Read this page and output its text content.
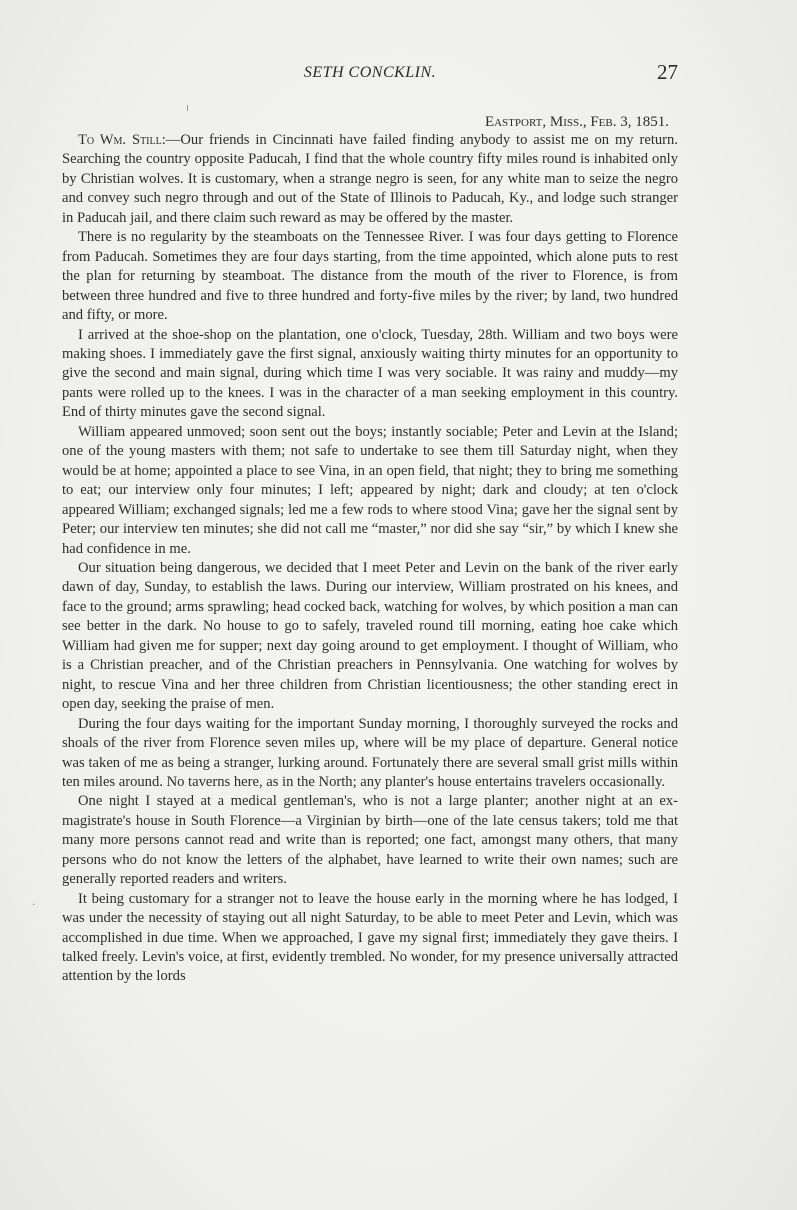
SETH CONCKLIN.	27
Eastport, Miss., Feb. 3, 1851.

To Wm. Still:—Our friends in Cincinnati have failed finding anybody to assist me on my return. Searching the country opposite Paducah, I find that the whole country fifty miles round is inhabited only by Christian wolves. It is customary, when a strange negro is seen, for any white man to seize the negro and convey such negro through and out of the State of Illinois to Paducah, Ky., and lodge such stranger in Paducah jail, and there claim such reward as may be offered by the master.

There is no regularity by the steamboats on the Tennessee River. I was four days getting to Florence from Paducah. Sometimes they are four days starting, from the time appointed, which alone puts to rest the plan for returning by steamboat. The distance from the mouth of the river to Florence, is from between three hundred and five to three hundred and forty-five miles by the river; by land, two hundred and fifty, or more.

I arrived at the shoe-shop on the plantation, one o'clock, Tuesday, 28th. William and two boys were making shoes. I immediately gave the first signal, anxiously waiting thirty minutes for an opportunity to give the second and main signal, during which time I was very sociable. It was rainy and muddy—my pants were rolled up to the knees. I was in the character of a man seeking employment in this country. End of thirty minutes gave the second signal.

William appeared unmoved; soon sent out the boys; instantly sociable; Peter and Levin at the Island; one of the young masters with them; not safe to undertake to see them till Saturday night, when they would be at home; appointed a place to see Vina, in an open field, that night; they to bring me something to eat; our interview only four minutes; I left; appeared by night; dark and cloudy; at ten o'clock appeared William; exchanged signals; led me a few rods to where stood Vina; gave her the signal sent by Peter; our interview ten minutes; she did not call me “master,” nor did she say “sir,” by which I knew she had confidence in me.

Our situation being dangerous, we decided that I meet Peter and Levin on the bank of the river early dawn of day, Sunday, to establish the laws. During our interview, William prostrated on his knees, and face to the ground; arms sprawling; head cocked back, watching for wolves, by which position a man can see better in the dark. No house to go to safely, traveled round till morning, eating hoe cake which William had given me for supper; next day going around to get employment. I thought of William, who is a Christian preacher, and of the Christian preachers in Pennsylvania. One watching for wolves by night, to rescue Vina and her three children from Christian licentiousness; the other standing erect in open day, seeking the praise of men.

During the four days waiting for the important Sunday morning, I thoroughly surveyed the rocks and shoals of the river from Florence seven miles up, where will be my place of departure. General notice was taken of me as being a stranger, lurking around. Fortunately there are several small grist mills within ten miles around. No taverns here, as in the North; any planter's house entertains travelers occasionally.

One night I stayed at a medical gentleman's, who is not a large planter; another night at an ex-magistrate's house in South Florence—a Virginian by birth—one of the late census takers; told me that many more persons cannot read and write than is reported; one fact, amongst many others, that many persons who do not know the letters of the alphabet, have learned to write their own names; such are generally reported readers and writers.

It being customary for a stranger not to leave the house early in the morning where he has lodged, I was under the necessity of staying out all night Saturday, to be able to meet Peter and Levin, which was accomplished in due time. When we approached, I gave my signal first; immediately they gave theirs. I talked freely. Levin's voice, at first, evidently trembled. No wonder, for my presence universally attracted attention by the lords

·
